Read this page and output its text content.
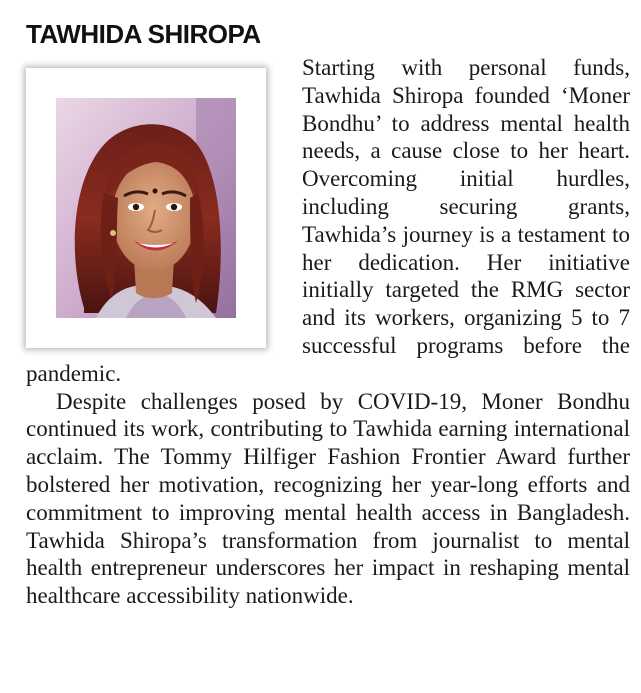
TAWHIDA SHIROPA

Starting with personal funds, Tawhida Shiropa founded ‘Moner Bondhu’ to address mental health needs, a cause close to her heart. Overcoming initial hurdles, including securing grants, Tawhida’s journey is a testament to her dedication. Her initiative initially targeted the RMG sector and its workers, organizing 5 to 7 successful programs before the pandemic.

Despite challenges posed by COVID-19, Moner Bondhu continued its work, contributing to Tawhida earning international acclaim. The Tommy Hilfiger Fashion Frontier Award further bolstered her motivation, recognizing her year-long efforts and commitment to improving mental health access in Bangladesh. Tawhida Shiropa’s transformation from journalist to mental health entrepreneur underscores her impact in reshaping mental healthcare accessibility nationwide.
